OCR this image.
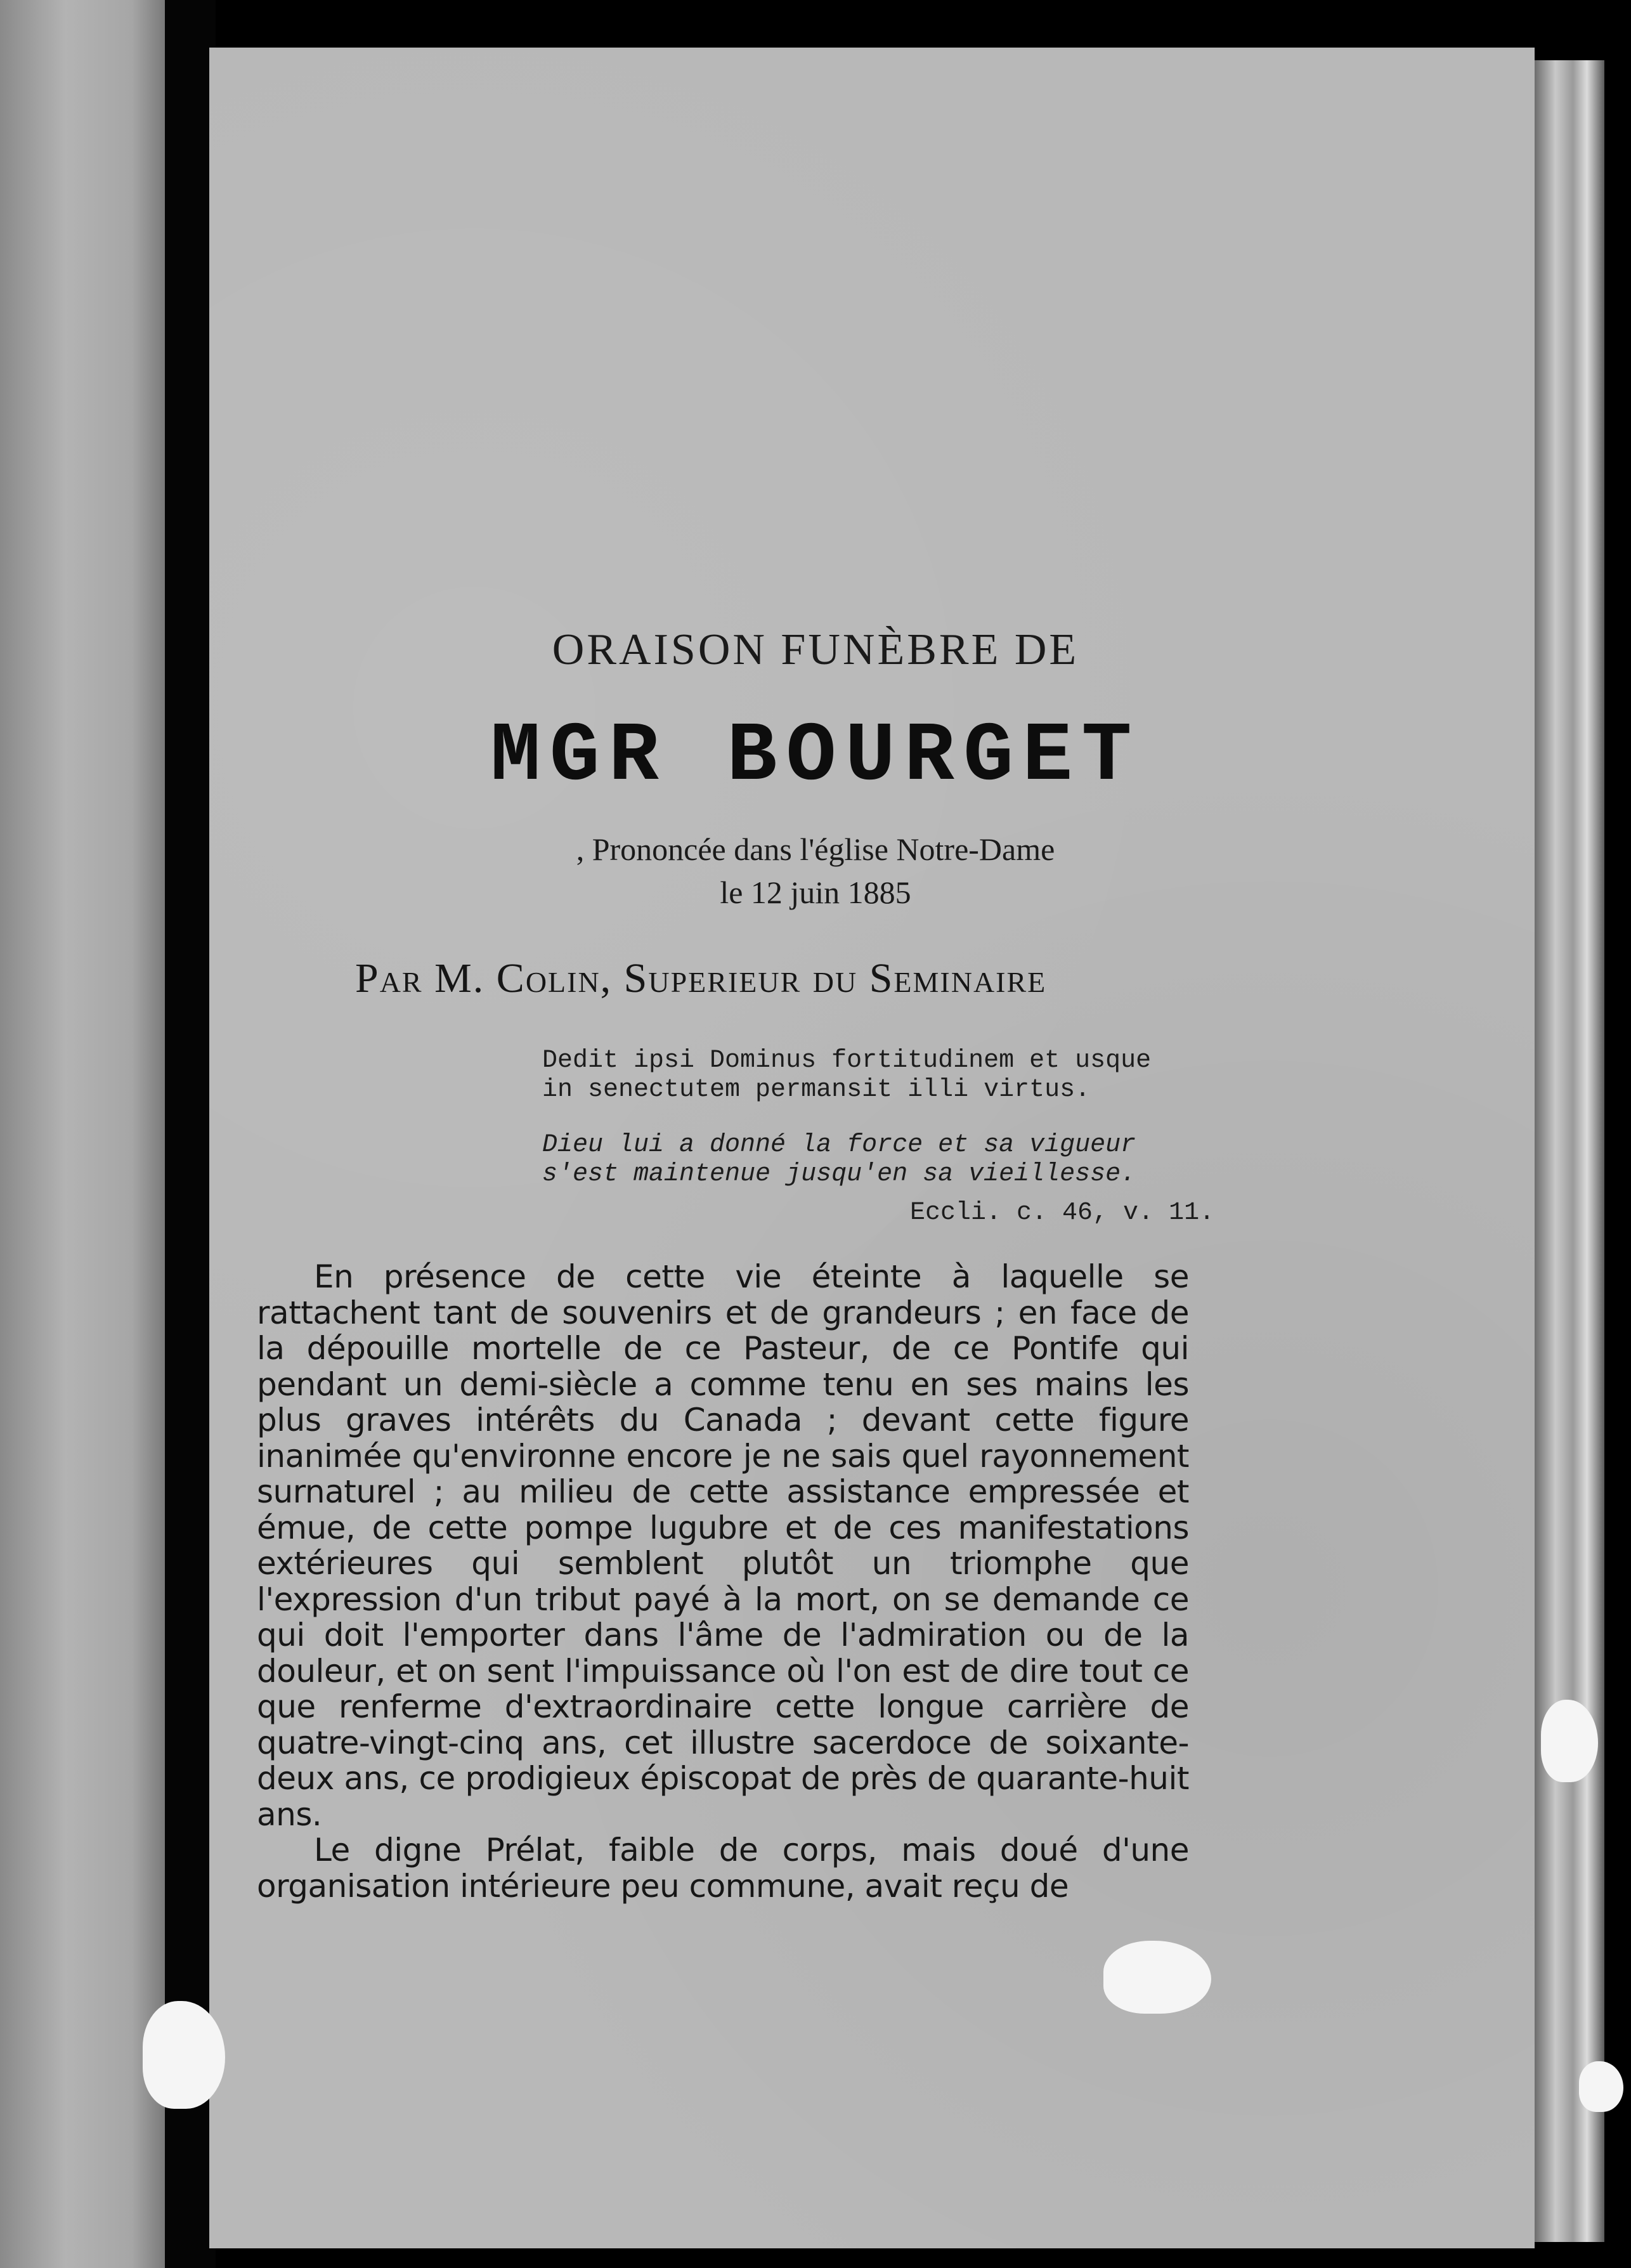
ORAISON FUNÈBRE DE
MGR BOURGET
, Prononcée dans l'église Notre-Dame
le 12 juin 1885
Par M. Colin, Superieur du Seminaire
Dedit ipsi Dominus fortitudinem et usque in senectutem permansit illi virtus.
Dieu lui a donné la force et sa vigueur s'est maintenue jusqu'en sa vieillesse.
Eccli. c. 46, v. 11.

En présence de cette vie éteinte à laquelle se rattachent tant de souvenirs et de grandeurs ; en face de la dépouille mortelle de ce Pasteur, de ce Pontife qui pendant un demi-siècle a comme tenu en ses mains les plus graves intérêts du Canada ; devant cette figure inanimée qu'environne encore je ne sais quel rayonnement surnaturel ; au milieu de cette assistance empressée et émue, de cette pompe lugubre et de ces manifestations extérieures qui semblent plutôt un triomphe que l'expression d'un tribut payé à la mort, on se demande ce qui doit l'emporter dans l'âme de l'admiration ou de la douleur, et on sent l'impuissance où l'on est de dire tout ce que renferme d'extraordinaire cette longue carrière de quatre-vingt-cinq ans, cet illustre sacerdoce de soixante-deux ans, ce prodigieux épiscopat de près de quarante-huit ans.

Le digne Prélat, faible de corps, mais doué d'une organisation intérieure peu commune, avait reçu de
